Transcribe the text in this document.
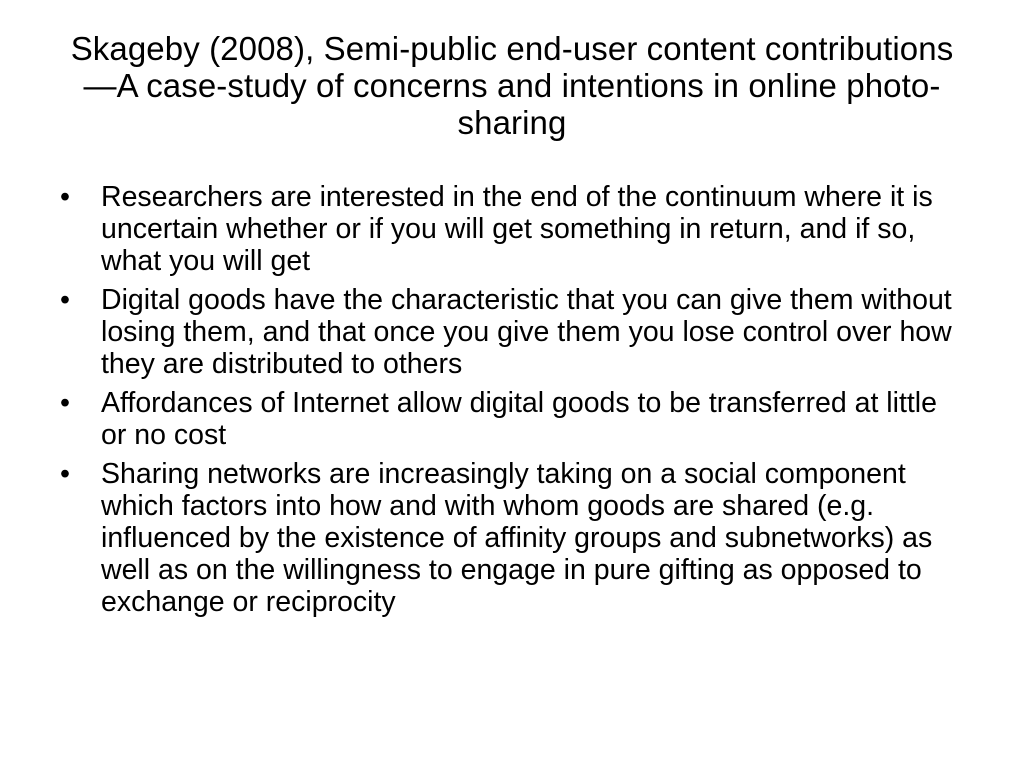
Skageby (2008), Semi-public end-user content contributions—A case-study of concerns and intentions in online photo-sharing
•	Researchers are interested in the end of the continuum where it is uncertain whether or if you will get something in return, and if so, what you will get
•	Digital goods have the characteristic that you can give them without losing them, and that once you give them you lose control over how they are distributed to others
•	Affordances of Internet allow digital goods to be transferred at little or no cost
•	Sharing networks are increasingly taking on a social component which factors into how and with whom goods are shared (e.g. influenced by the existence of affinity groups and subnetworks) as well as on the willingness to engage in pure gifting as opposed to exchange or reciprocity
